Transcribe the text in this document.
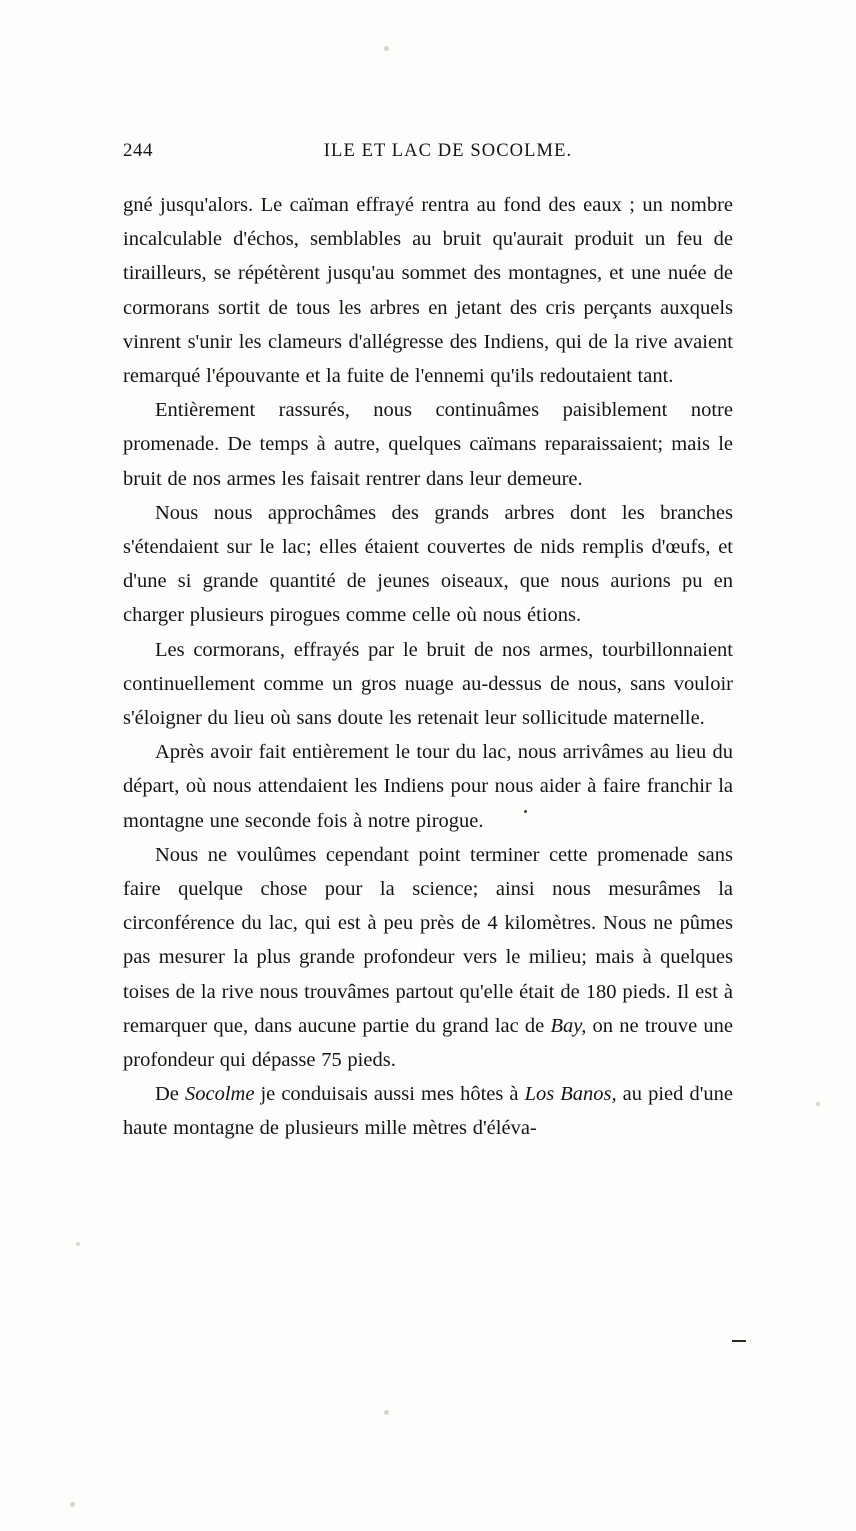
244	ILE ET LAC DE SOCOLME.

gné jusqu'alors. Le caïman effrayé rentra au fond des eaux ; un nombre incalculable d'échos, semblables au bruit qu'aurait produit un feu de tirailleurs, se répétèrent jusqu'au sommet des montagnes, et une nuée de cormorans sortit de tous les arbres en jetant des cris perçants auxquels vinrent s'unir les clameurs d'allégresse des Indiens, qui de la rive avaient remarqué l'épouvante et la fuite de l'ennemi qu'ils redoutaient tant.

Entièrement rassurés, nous continuâmes paisiblement notre promenade. De temps à autre, quelques caïmans reparaissaient; mais le bruit de nos armes les faisait rentrer dans leur demeure.

Nous nous approchâmes des grands arbres dont les branches s'étendaient sur le lac; elles étaient couvertes de nids remplis d'œufs, et d'une si grande quantité de jeunes oiseaux, que nous aurions pu en charger plusieurs pirogues comme celle où nous étions.

Les cormorans, effrayés par le bruit de nos armes, tourbillonnaient continuellement comme un gros nuage au-dessus de nous, sans vouloir s'éloigner du lieu où sans doute les retenait leur sollicitude maternelle.

Après avoir fait entièrement le tour du lac, nous arrivâmes au lieu du départ, où nous attendaient les Indiens pour nous aider à faire franchir la montagne une seconde fois à notre pirogue.

Nous ne voulûmes cependant point terminer cette promenade sans faire quelque chose pour la science; ainsi nous mesurâmes la circonférence du lac, qui est à peu près de 4 kilomètres. Nous ne pûmes pas mesurer la plus grande profondeur vers le milieu; mais à quelques toises de la rive nous trouvâmes partout qu'elle était de 180 pieds. Il est à remarquer que, dans aucune partie du grand lac de Bay, on ne trouve une profondeur qui dépasse 75 pieds.

De Socolme je conduisais aussi mes hôtes à Los Banos, au pied d'une haute montagne de plusieurs mille mètres d'éléva-
